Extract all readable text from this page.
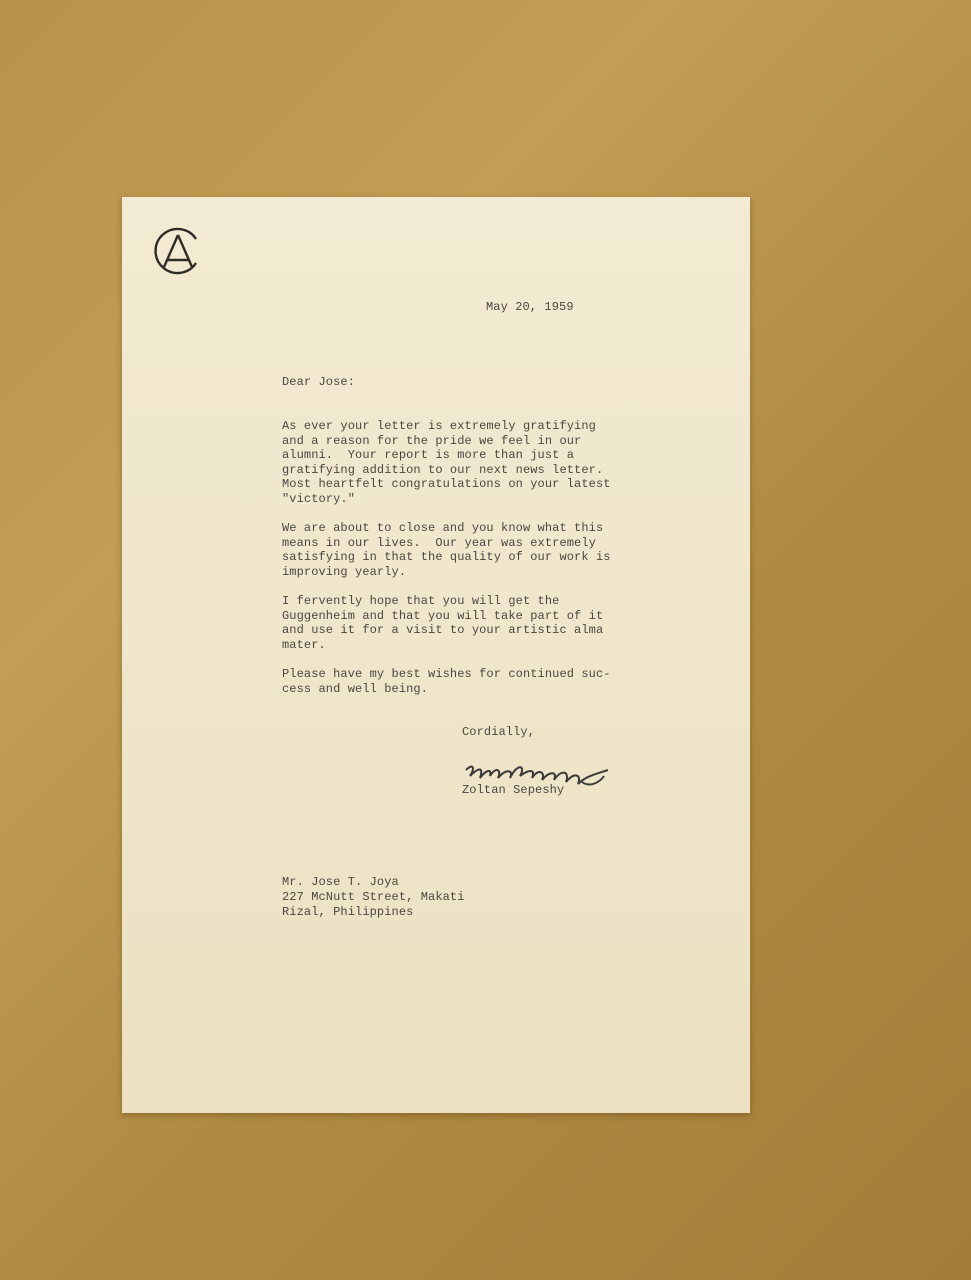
May 20, 1959
Dear Jose:
As ever your letter is extremely gratifying
and a reason for the pride we feel in our
alumni.  Your report is more than just a
gratifying addition to our next news letter.
Most heartfelt congratulations on your latest
"victory."
We are about to close and you know what this
means in our lives.  Our year was extremely
satisfying in that the quality of our work is
improving yearly.
I fervently hope that you will get the
Guggenheim and that you will take part of it
and use it for a visit to your artistic alma
mater.
Please have my best wishes for continued suc-
cess and well being.
Cordially,
Zoltan Sepeshy
Mr. Jose T. Joya
227 McNutt Street, Makati
Rizal, Philippines
